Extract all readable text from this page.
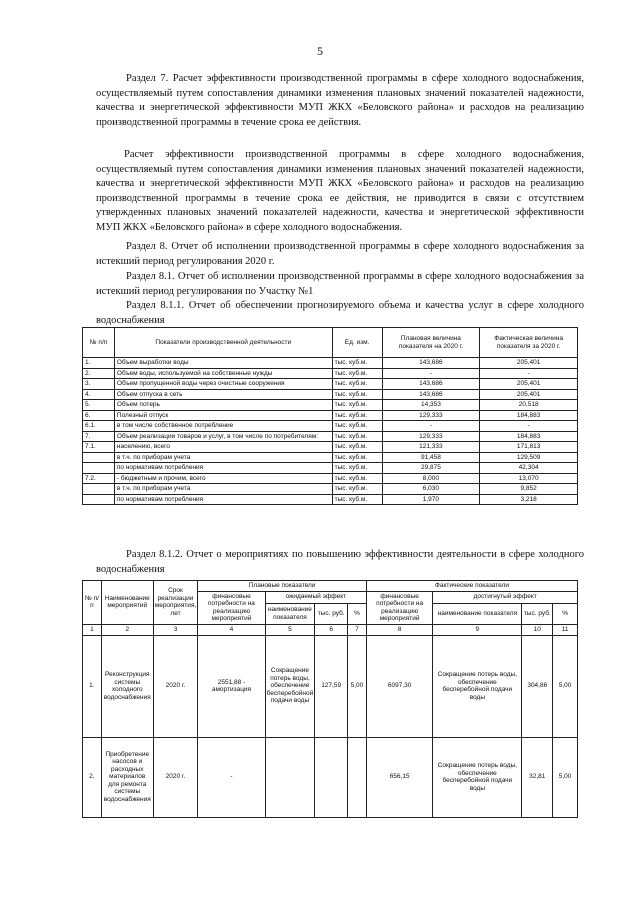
5

Раздел 7. Расчет эффективности производственной программы в сфере холодного водоснабжения, осуществляемый путем сопоставления динамики изменения плановых значений показателей надежности, качества и энергетической эффективности МУП ЖКХ «Беловского района» и расходов на реализацию производственной программы в течение срока ее действия.

Расчет эффективности производственной программы в сфере холодного водоснабжения, осуществляемый путем сопоставления динамики изменения плановых значений показателей надежности, качества и энергетической эффективности МУП ЖКХ «Беловского района» и расходов на реализацию производственной программы в течение срока ее действия, не приводится в связи с отсутствием утвержденных плановых значений показателей надежности, качества и энергетической эффективности МУП ЖКХ «Беловского района» в сфере холодного водоснабжения.

Раздел 8. Отчет об исполнении производственной программы в сфере холодного водоснабжения за истекший период регулирования 2020 г.

Раздел 8.1. Отчет об исполнении производственной программы в сфере холодного водоснабжения за истекший период регулирования по Участку №1

Раздел 8.1.1. Отчет об обеспечении прогнозируемого объема и качества услуг в сфере холодного водоснабжения

№ п/п	Показатели производственной деятельности	Ед. изм.	Плановая величина показателя на 2020 г.	Фактическая величина показателя за 2020 г.
1.	Объем выработки воды	тыс. куб.м.	143,686	205,401
2.	Объем воды, используемой на собственные нужды	тыс. куб.м.	-	-
3.	Объем пропущенной воды через очистные сооружения	тыс. куб.м.	143,686	205,401
4.	Объем отпуска в сеть	тыс. куб.м.	143,686	205,401
5.	Объем потерь	тыс. куб.м.	14,353	20,518
6.	Полезный отпуск	тыс. куб.м.	129,333	184,883
6.1.	в том числе собственное потребление	тыс. куб.м.	-	-
7.	Объем реализации товаров и услуг, в том числе по потребителям:	тыс. куб.м.	129,333	184,883
7.1.	населению, всего	тыс. куб.м.	121,333	171,813
	в т.ч. по приборам учета	тыс. куб.м.	91,458	129,509
	по нормативам потребления	тыс. куб.м.	29,875	42,304
7.2.	- бюджетным и прочим, всего	тыс. куб.м.	8,000	13,070
	в т.ч. по приборам учета	тыс. куб.м.	6,030	9,852
	по нормативам потребления	тыс. куб.м.	1,970	3,218

Раздел 8.1.2. Отчет о мероприятиях по повышению эффективности деятельности в сфере холодного водоснабжения

№ п/ п	Наименование мероприятий	Срок реализации мероприятия, лет	Плановые показатели				Фактические показатели			
			финансовые потребности на реализацию мероприятий	ожидаемый эффект			финансовые потребности на реализацию мероприятий	достигнутый эффект		
				наименование показателя	тыс. руб.	%		наименование показателя	тыс. руб.	%
1	2	3	4	5	6	7	8	9	10	11
1.	Реконструкция системы холодного водоснабжения	2020 г.	2551,88 - амортизация	Сокращение потерь воды, обеспечение бесперебойной подачи воды	127,59	5,00	6097,30	Сокращение потерь воды, обеспечение бесперебойной подачи воды	304,86	5,00
2.	Приобретение насосов и расходных материалов для ремонта системы водоснабжения	2020 г.	-				656,15	Сокращение потерь воды, обеспечение бесперебойной подачи воды	32,81	5,00
